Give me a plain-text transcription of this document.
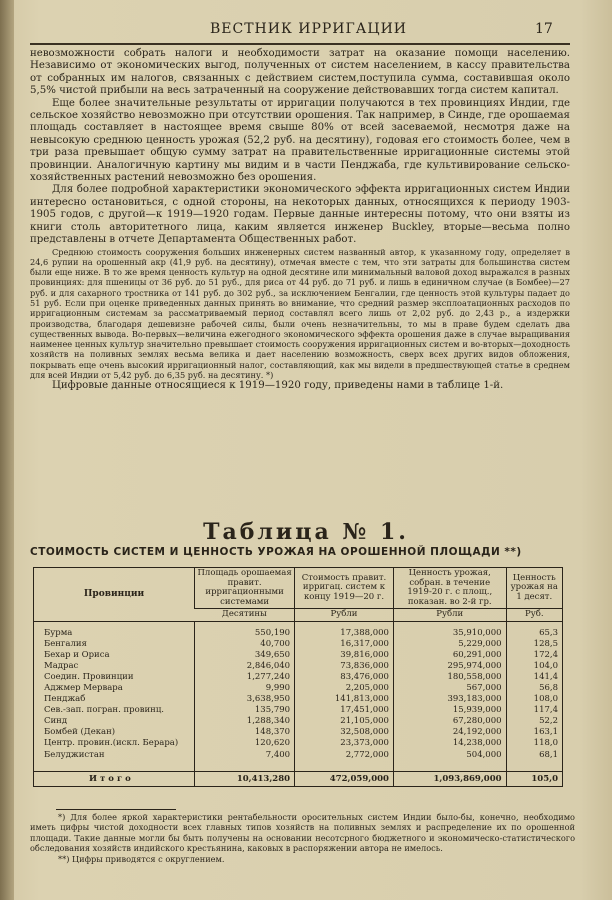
ВЕСТНИК ИРРИГАЦИИ	17

невозможности собрать налоги и необходимости затрат на оказание помощи населению. Независимо от экономических выгод, полученных от систем населением, в кассу правительства от собранных им налогов, связанных с действием систем,поступила сумма, составившая около 5,5% чистой прибыли на весь затраченный на сооружение действовавших тогда систем капитал.

Еще более значительные результаты от ирригации получаются в тех провинциях Индии, где сельское хозяйство невозможно при отсутствии орошения. Так например, в Синде, где орошаемая площадь составляет в настоящее время свыше 80% от всей засеваемой, несмотря даже на невысокую среднюю ценность урожая (52,2 руб. на десятину), годовая его стоимость более, чем в три раза превышает общую сумму затрат на правительственные ирригационные системы этой провинции. Аналогичную картину мы видим и в части Пенджаба, где культивирование сельско-хозяйственных растений невозможно без орошения.

Для более подробной характеристики экономического эффекта ирригационных систем Индии интересно остановиться, с одной стороны, на некоторых данных, относящихся к периоду 1903-1905 годов, с другой—к 1919—1920 годам. Первые данные интересны потому, что они взяты из книги столь авторитетного лица, каким является инженер Buckley, вторые—весьма полно представлены в отчете Департамента Общественных работ.

Среднюю стоимость сооружения больших инженерных систем названный автор, к указанному году, определяет в 24,6 рупии на орошенный акр (41,9 руб. на десятину), отмечая вместе с тем, что эти затраты для большинства систем были еще ниже. В то же время ценность культур на одной десятине или минимальный валовой доход выражался в разных провинциях: для пшеницы от 36 руб. до 51 руб., для риса от 44 руб. до 71 руб. и лишь в единичном случае (в Бомбее)—27 руб. и для сахарного тростника от 141 руб. до 302 руб., за исключением Бенгалии, где ценность этой культуры падает до 51 руб. Если при оценке приведенных данных принять во внимание, что средний размер эксплоатационных расходов по ирригационным системам за рассматриваемый период составлял всего лишь от 2,02 руб. до 2,43 р., а издержки производства, благодаря дешевизне рабочей силы, были очень незначительны, то мы в праве будем сделать два существенных вывода. Во-первых—величина ежегодного экономического эффекта орошения даже в случае выращивания наименее ценных культур значительно превышает стоимость сооружения ирригационных систем и во-вторых—доходность хозяйств на поливных землях весьма велика и дает населению возможность, сверх всех других видов обложения, покрывать еще очень высокий ирригационный налог, составляющий, как мы видели в предшествующей статье в среднем для всей Индии от 5,42 руб. до 6,35 руб. на десятину. *)

Цифровые данные относящиеся к 1919—1920 году, приведены нами в таблице 1-й.

Таблица № 1.
СТОИМОСТЬ СИСТЕМ И ЦЕННОСТЬ УРОЖАЯ НА ОРОШЕННОЙ ПЛОЩАДИ **)
Провинции	Площадь орошаемая правит. ирригационными системами	Стоимость правит. ирригац. систем к концу 1919—20 г.	Ценность урожая, собран. в течение 1919-20 г. с площ., показан. во 2-й гр.	Ценность урожая на 1 десят.
	Десятины	Рубли	Рубли	Руб.
Бурма	550,190	17,388,000	35,910,000	65,3
Бенгалия	40,700	16,317,000	5,229,000	128,5
Бехар и Ориса	349,650	39,816,000	60,291,000	172,4
Мадрас	2,846,040	73,836,000	295,974,000	104,0
Соедин. Провинции	1,277,240	83,476,000	180,558,000	141,4
Аджмер Мервара	9,990	2,205,000	567,000	56,8
Пенджаб	3,638,950	141,813,000	393,183,000	108,0
Сев.-зап. погран. провинц.	135,790	17,451,000	15,939,000	117,4
Синд	1,288,340	21,105,000	67,280,000	52,2
Бомбей (Декан)	148,370	32,508,000	24,192,000	163,1
Центр. провин.(искл. Берара)	120,620	23,373,000	14,238,000	118,0
Белуджистан	7,400	2,772,000	504,000	68,1
Итого	10,413,280	472,059,000	1,093,869,000	105,0

*) Для более яркой характеристики рентабельности оросительных систем Индии было-бы, конечно, необходимо иметь цифры чистой доходности всех главных типов хозяйств на поливных землях и распределение их по орошенной площади. Такие данные могли бы быть получены на основании несотсрного бюджетного и экономическо-статистического обследования хозяйств индийского крестьянина, каковых в распоряжении автора не имелось.

**) Цифры приводятся с округлением.
